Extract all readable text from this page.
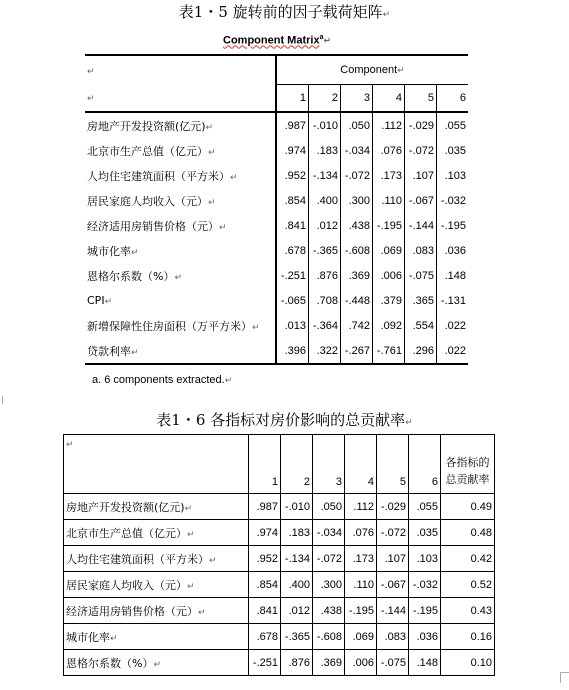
表1・5 旋转前的因子载荷矩阵↵
Component Matrix$^a$↵
↵	Component↵					
↵	1	2	3	4	5	6
房地产开发投资额(亿元)↵	.987	-.010	.050	.112	-.029	.055
北京市生产总值（亿元）↵	.974	.183	-.034	.076	-.072	.035
人均住宅建筑面积（平方米）↵	.952	-.134	-.072	.173	.107	.103
居民家庭人均收入（元）↵	.854	.400	.300	.110	-.067	-.032
经济适用房销售价格（元）↵	.841	.012	.438	-.195	-.144	-.195
城市化率↵	.678	-.365	-.608	.069	.083	.036
恩格尔系数（%）↵	-.251	.876	.369	.006	-.075	.148
CPI↵	-.065	.708	-.448	.379	.365	-.131
新增保障性住房面积（万平方米）↵	.013	-.364	.742	.092	.554	.022
贷款利率↵	.396	.322	-.267	-.761	.296	.022
a. 6 components extracted.↵
表1・6 各指标对房价影响的总贡献率↵
↵	1	2	3	4	5	6	各指标的
总贡献率

房地产开发投资额(亿元)↵	.987	-.010	.050	.112	-.029	.055	0.49
北京市生产总值（亿元）↵	.974	.183	-.034	.076	-.072	.035	0.48
人均住宅建筑面积（平方米）↵	.952	-.134	-.072	.173	.107	.103	0.42
居民家庭人均收入（元）↵	.854	.400	.300	.110	-.067	-.032	0.52
经济适用房销售价格（元）↵	.841	.012	.438	-.195	-.144	-.195	0.43
城市化率↵	.678	-.365	-.608	.069	.083	.036	0.16
恩格尔系数（%）↵	-.251	.876	.369	.006	-.075	.148	0.10
